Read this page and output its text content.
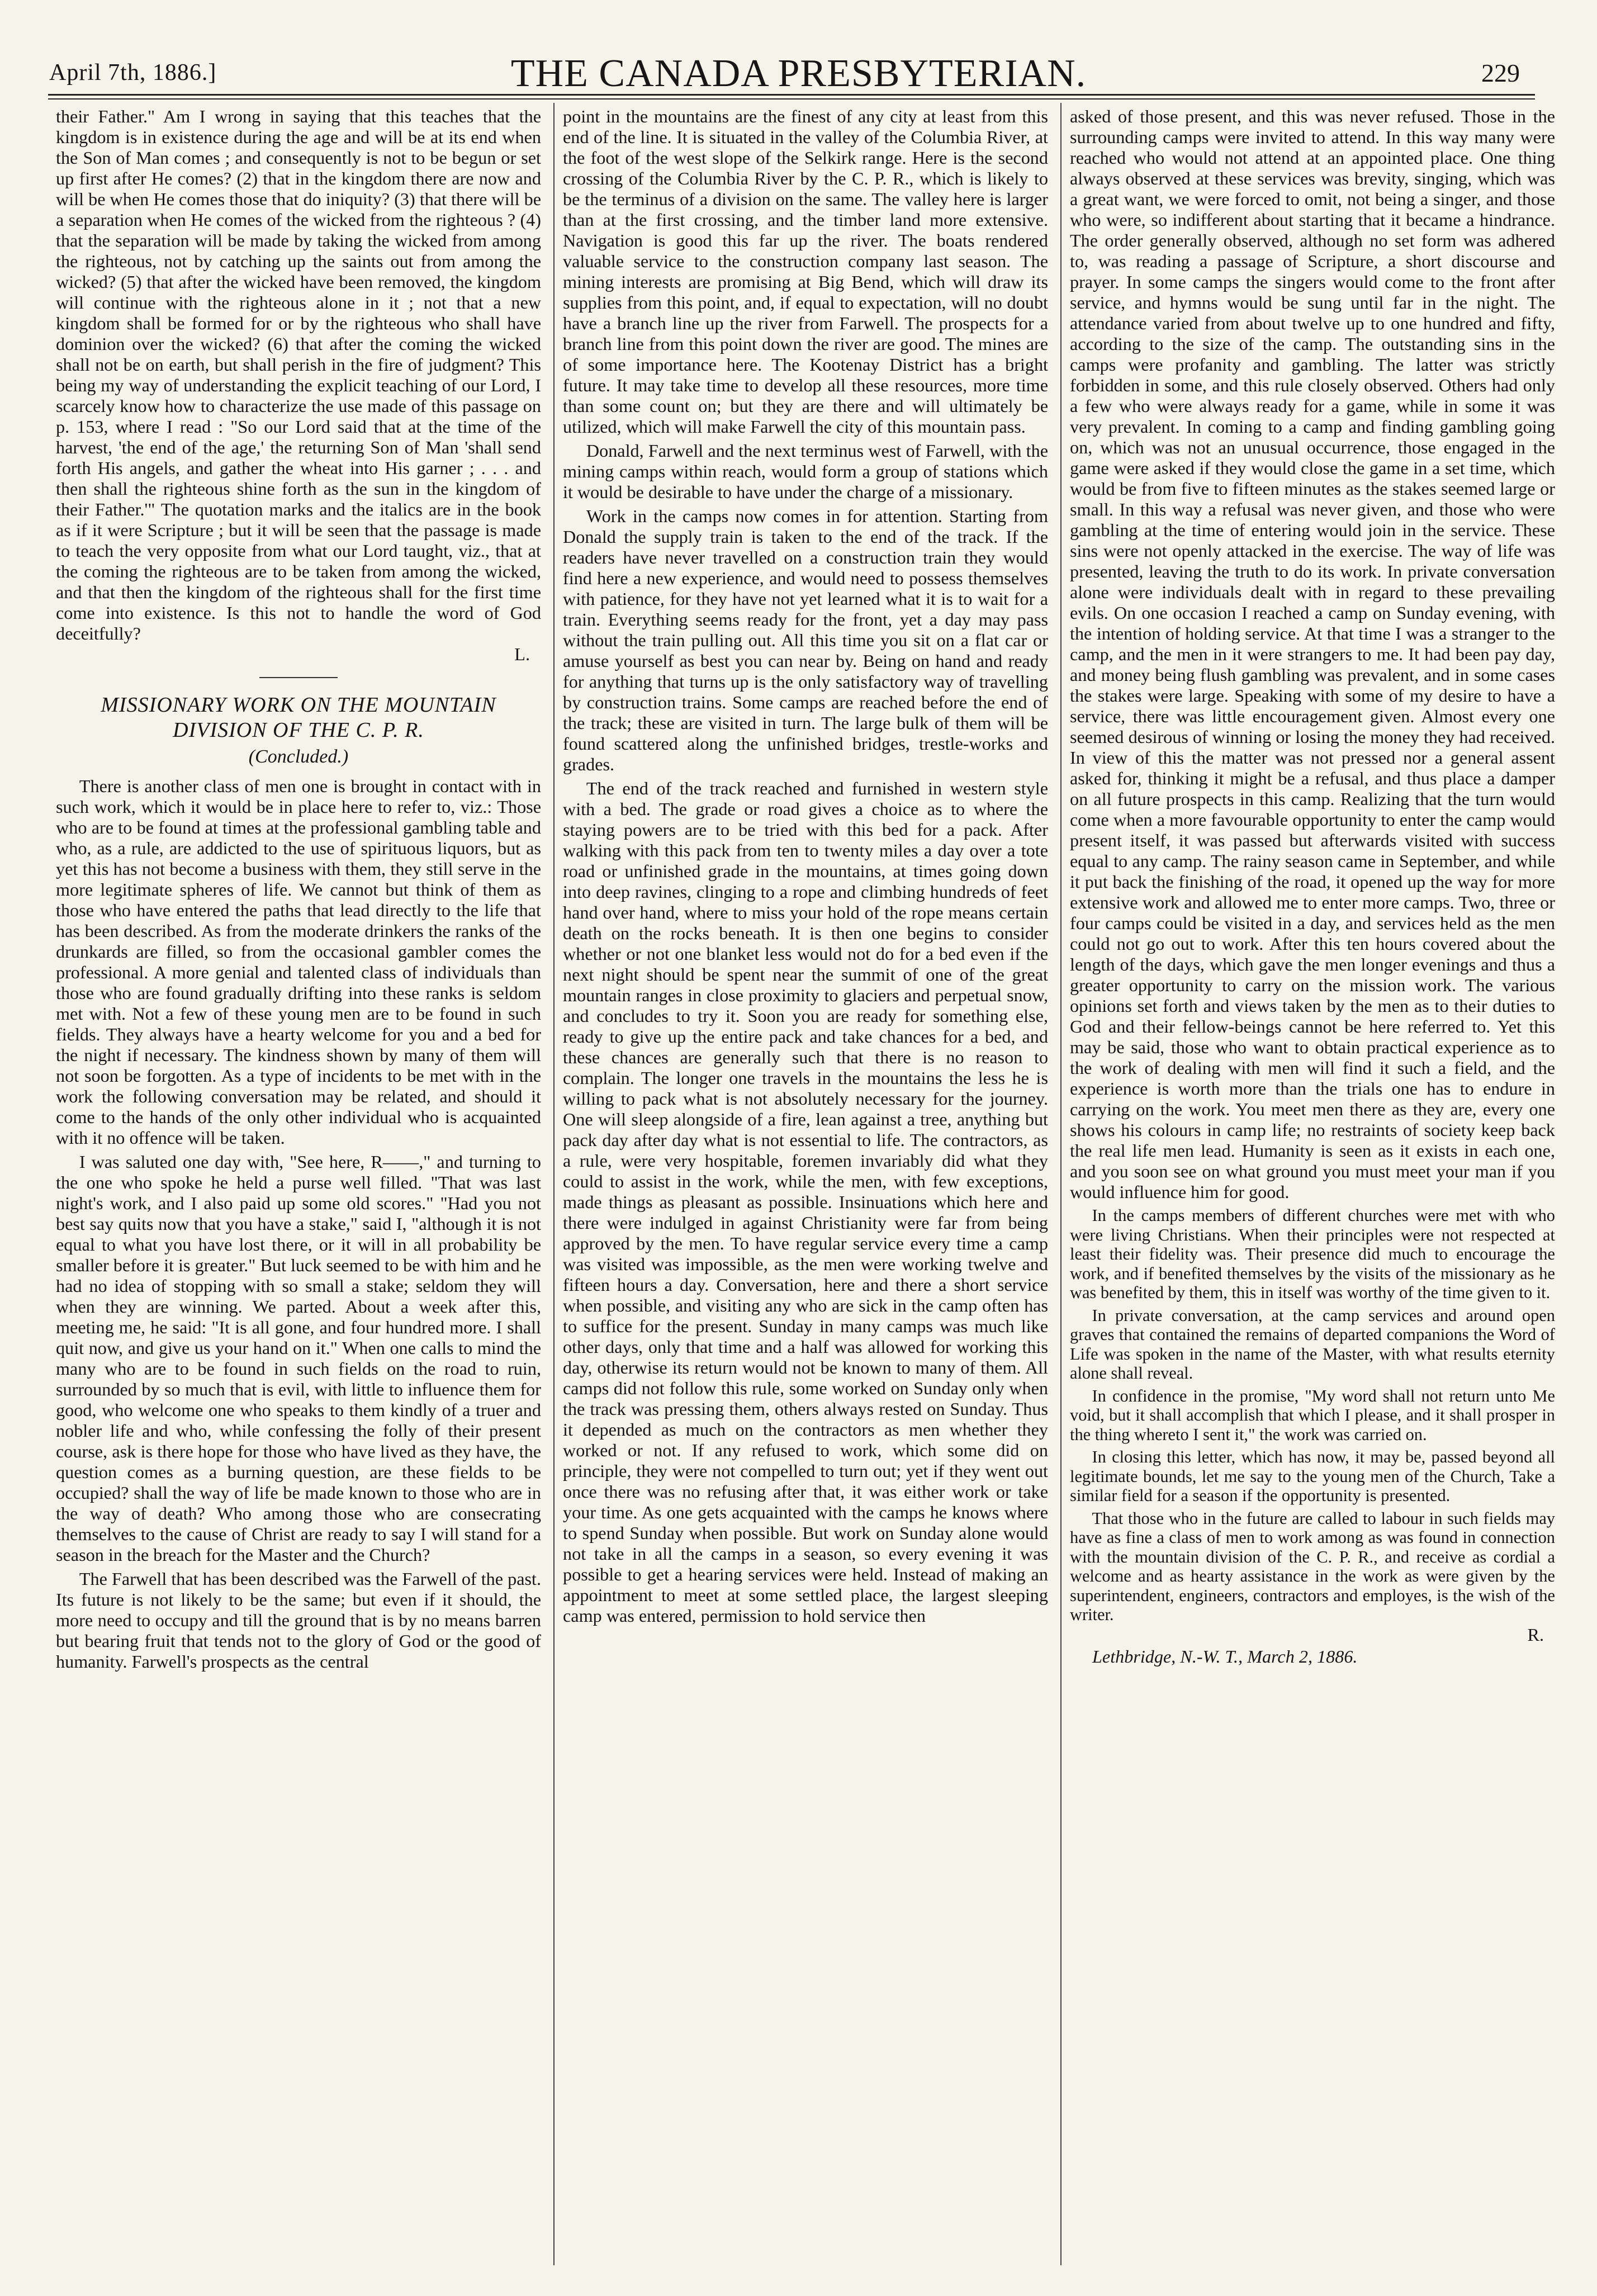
April 7th, 1886.]	THE CANADA PRESBYTERIAN.	229

their Father." Am I wrong in saying that this teaches that the kingdom is in existence during the age and will be at its end when the Son of Man comes ; and consequently is not to be begun or set up first after He comes? (2) that in the kingdom there are now and will be when He comes those that do iniquity? (3) that there will be a separation when He comes of the wicked from the righteous ? (4) that the separation will be made by taking the wicked from among the righteous, not by catching up the saints out from among the wicked? (5) that after the wicked have been removed, the kingdom will continue with the righteous alone in it ; not that a new kingdom shall be formed for or by the righteous who shall have dominion over the wicked? (6) that after the coming the wicked shall not be on earth, but shall perish in the fire of judgment? This being my way of understanding the explicit teaching of our Lord, I scarcely know how to characterize the use made of this passage on p. 153, where I read : "So our Lord said that at the time of the harvest, 'the end of the age,' the returning Son of Man 'shall send forth His angels, and gather the wheat into His garner ; . . . and then shall the righteous shine forth as the sun in the kingdom of their Father.'" The quotation marks and the italics are in the book as if it were Scripture ; but it will be seen that the passage is made to teach the very opposite from what our Lord taught, viz., that at the coming the righteous are to be taken from among the wicked, and that then the kingdom of the righteous shall for the first time come into existence. Is this not to handle the word of God deceitfully?

L.
MISSIONARY WORK ON THE MOUNTAIN DIVISION OF THE C. P. R.
(Concluded.)

There is another class of men one is brought in contact with in such work, which it would be in place here to refer to, viz.: Those who are to be found at times at the professional gambling table and who, as a rule, are addicted to the use of spirituous liquors, but as yet this has not become a business with them, they still serve in the more legitimate spheres of life. We cannot but think of them as those who have entered the paths that lead directly to the life that has been described. As from the moderate drinkers the ranks of the drunkards are filled, so from the occasional gambler comes the professional. A more genial and talented class of individuals than those who are found gradually drifting into these ranks is seldom met with. Not a few of these young men are to be found in such fields. They always have a hearty welcome for you and a bed for the night if necessary. The kindness shown by many of them will not soon be forgotten. As a type of incidents to be met with in the work the following conversation may be related, and should it come to the hands of the only other individual who is acquainted with it no offence will be taken.

I was saluted one day with, "See here, R——," and turning to the one who spoke he held a purse well filled. "That was last night's work, and I also paid up some old scores." "Had you not best say quits now that you have a stake," said I, "although it is not equal to what you have lost there, or it will in all probability be smaller before it is greater." But luck seemed to be with him and he had no idea of stopping with so small a stake; seldom they will when they are winning. We parted. About a week after this, meeting me, he said: "It is all gone, and four hundred more. I shall quit now, and give us your hand on it." When one calls to mind the many who are to be found in such fields on the road to ruin, surrounded by so much that is evil, with little to influence them for good, who welcome one who speaks to them kindly of a truer and nobler life and who, while confessing the folly of their present course, ask is there hope for those who have lived as they have, the question comes as a burning question, are these fields to be occupied? shall the way of life be made known to those who are in the way of death? Who among those who are consecrating themselves to the cause of Christ are ready to say I will stand for a season in the breach for the Master and the Church?

The Farwell that has been described was the Farwell of the past. Its future is not likely to be the same; but even if it should, the more need to occupy and till the ground that is by no means barren but bearing fruit that tends not to the glory of God or the good of humanity. Farwell's prospects as the central

point in the mountains are the finest of any city at least from this end of the line. It is situated in the valley of the Columbia River, at the foot of the west slope of the Selkirk range. Here is the second crossing of the Columbia River by the C. P. R., which is likely to be the terminus of a division on the same. The valley here is larger than at the first crossing, and the timber land more extensive. Navigation is good this far up the river. The boats rendered valuable service to the construction company last season. The mining interests are promising at Big Bend, which will draw its supplies from this point, and, if equal to expectation, will no doubt have a branch line up the river from Farwell. The prospects for a branch line from this point down the river are good. The mines are of some importance here. The Kootenay District has a bright future. It may take time to develop all these resources, more time than some count on; but they are there and will ultimately be utilized, which will make Farwell the city of this mountain pass.

Donald, Farwell and the next terminus west of Farwell, with the mining camps within reach, would form a group of stations which it would be desirable to have under the charge of a missionary.

Work in the camps now comes in for attention. Starting from Donald the supply train is taken to the end of the track. If the readers have never travelled on a construction train they would find here a new experience, and would need to possess themselves with patience, for they have not yet learned what it is to wait for a train. Everything seems ready for the front, yet a day may pass without the train pulling out. All this time you sit on a flat car or amuse yourself as best you can near by. Being on hand and ready for anything that turns up is the only satisfactory way of travelling by construction trains. Some camps are reached before the end of the track; these are visited in turn. The large bulk of them will be found scattered along the unfinished bridges, trestle-works and grades.

The end of the track reached and furnished in western style with a bed. The grade or road gives a choice as to where the staying powers are to be tried with this bed for a pack. After walking with this pack from ten to twenty miles a day over a tote road or unfinished grade in the mountains, at times going down into deep ravines, clinging to a rope and climbing hundreds of feet hand over hand, where to miss your hold of the rope means certain death on the rocks beneath. It is then one begins to consider whether or not one blanket less would not do for a bed even if the next night should be spent near the summit of one of the great mountain ranges in close proximity to glaciers and perpetual snow, and concludes to try it. Soon you are ready for something else, ready to give up the entire pack and take chances for a bed, and these chances are generally such that there is no reason to complain. The longer one travels in the mountains the less he is willing to pack what is not absolutely necessary for the journey. One will sleep alongside of a fire, lean against a tree, anything but pack day after day what is not essential to life. The contractors, as a rule, were very hospitable, foremen invariably did what they could to assist in the work, while the men, with few exceptions, made things as pleasant as possible. Insinuations which here and there were indulged in against Christianity were far from being approved by the men. To have regular service every time a camp was visited was impossible, as the men were working twelve and fifteen hours a day. Conversation, here and there a short service when possible, and visiting any who are sick in the camp often has to suffice for the present. Sunday in many camps was much like other days, only that time and a half was allowed for working this day, otherwise its return would not be known to many of them. All camps did not follow this rule, some worked on Sunday only when the track was pressing them, others always rested on Sunday. Thus it depended as much on the contractors as men whether they worked or not. If any refused to work, which some did on principle, they were not compelled to turn out; yet if they went out once there was no refusing after that, it was either work or take your time. As one gets acquainted with the camps he knows where to spend Sunday when possible. But work on Sunday alone would not take in all the camps in a season, so every evening it was possible to get a hearing services were held. Instead of making an appointment to meet at some settled place, the largest sleeping camp was entered, permission to hold service then

asked of those present, and this was never refused. Those in the surrounding camps were invited to attend. In this way many were reached who would not attend at an appointed place. One thing always observed at these services was brevity, singing, which was a great want, we were forced to omit, not being a singer, and those who were, so indifferent about starting that it became a hindrance. The order generally observed, although no set form was adhered to, was reading a passage of Scripture, a short discourse and prayer. In some camps the singers would come to the front after service, and hymns would be sung until far in the night. The attendance varied from about twelve up to one hundred and fifty, according to the size of the camp. The outstanding sins in the camps were profanity and gambling. The latter was strictly forbidden in some, and this rule closely observed. Others had only a few who were always ready for a game, while in some it was very prevalent. In coming to a camp and finding gambling going on, which was not an unusual occurrence, those engaged in the game were asked if they would close the game in a set time, which would be from five to fifteen minutes as the stakes seemed large or small. In this way a refusal was never given, and those who were gambling at the time of entering would join in the service. These sins were not openly attacked in the exercise. The way of life was presented, leaving the truth to do its work. In private conversation alone were individuals dealt with in regard to these prevailing evils. On one occasion I reached a camp on Sunday evening, with the intention of holding service. At that time I was a stranger to the camp, and the men in it were strangers to me. It had been pay day, and money being flush gambling was prevalent, and in some cases the stakes were large. Speaking with some of my desire to have a service, there was little encouragement given. Almost every one seemed desirous of winning or losing the money they had received. In view of this the matter was not pressed nor a general assent asked for, thinking it might be a refusal, and thus place a damper on all future prospects in this camp. Realizing that the turn would come when a more favourable opportunity to enter the camp would present itself, it was passed but afterwards visited with success equal to any camp. The rainy season came in September, and while it put back the finishing of the road, it opened up the way for more extensive work and allowed me to enter more camps. Two, three or four camps could be visited in a day, and services held as the men could not go out to work. After this ten hours covered about the length of the days, which gave the men longer evenings and thus a greater opportunity to carry on the mission work. The various opinions set forth and views taken by the men as to their duties to God and their fellow-beings cannot be here referred to. Yet this may be said, those who want to obtain practical experience as to the work of dealing with men will find it such a field, and the experience is worth more than the trials one has to endure in carrying on the work. You meet men there as they are, every one shows his colours in camp life; no restraints of society keep back the real life men lead. Humanity is seen as it exists in each one, and you soon see on what ground you must meet your man if you would influence him for good.

In the camps members of different churches were met with who were living Christians. When their principles were not respected at least their fidelity was. Their presence did much to encourage the work, and if benefited themselves by the visits of the missionary as he was benefited by them, this in itself was worthy of the time given to it.

In private conversation, at the camp services and around open graves that contained the remains of departed companions the Word of Life was spoken in the name of the Master, with what results eternity alone shall reveal.

In confidence in the promise, "My word shall not return unto Me void, but it shall accomplish that which I please, and it shall prosper in the thing whereto I sent it," the work was carried on.

In closing this letter, which has now, it may be, passed beyond all legitimate bounds, let me say to the young men of the Church, Take a similar field for a season if the opportunity is presented.

That those who in the future are called to labour in such fields may have as fine a class of men to work among as was found in connection with the mountain division of the C. P. R., and receive as cordial a welcome and as hearty assistance in the work as were given by the superintendent, engineers, contractors and employes, is the wish of the writer.

R.
Lethbridge, N.-W. T., March 2, 1886.
